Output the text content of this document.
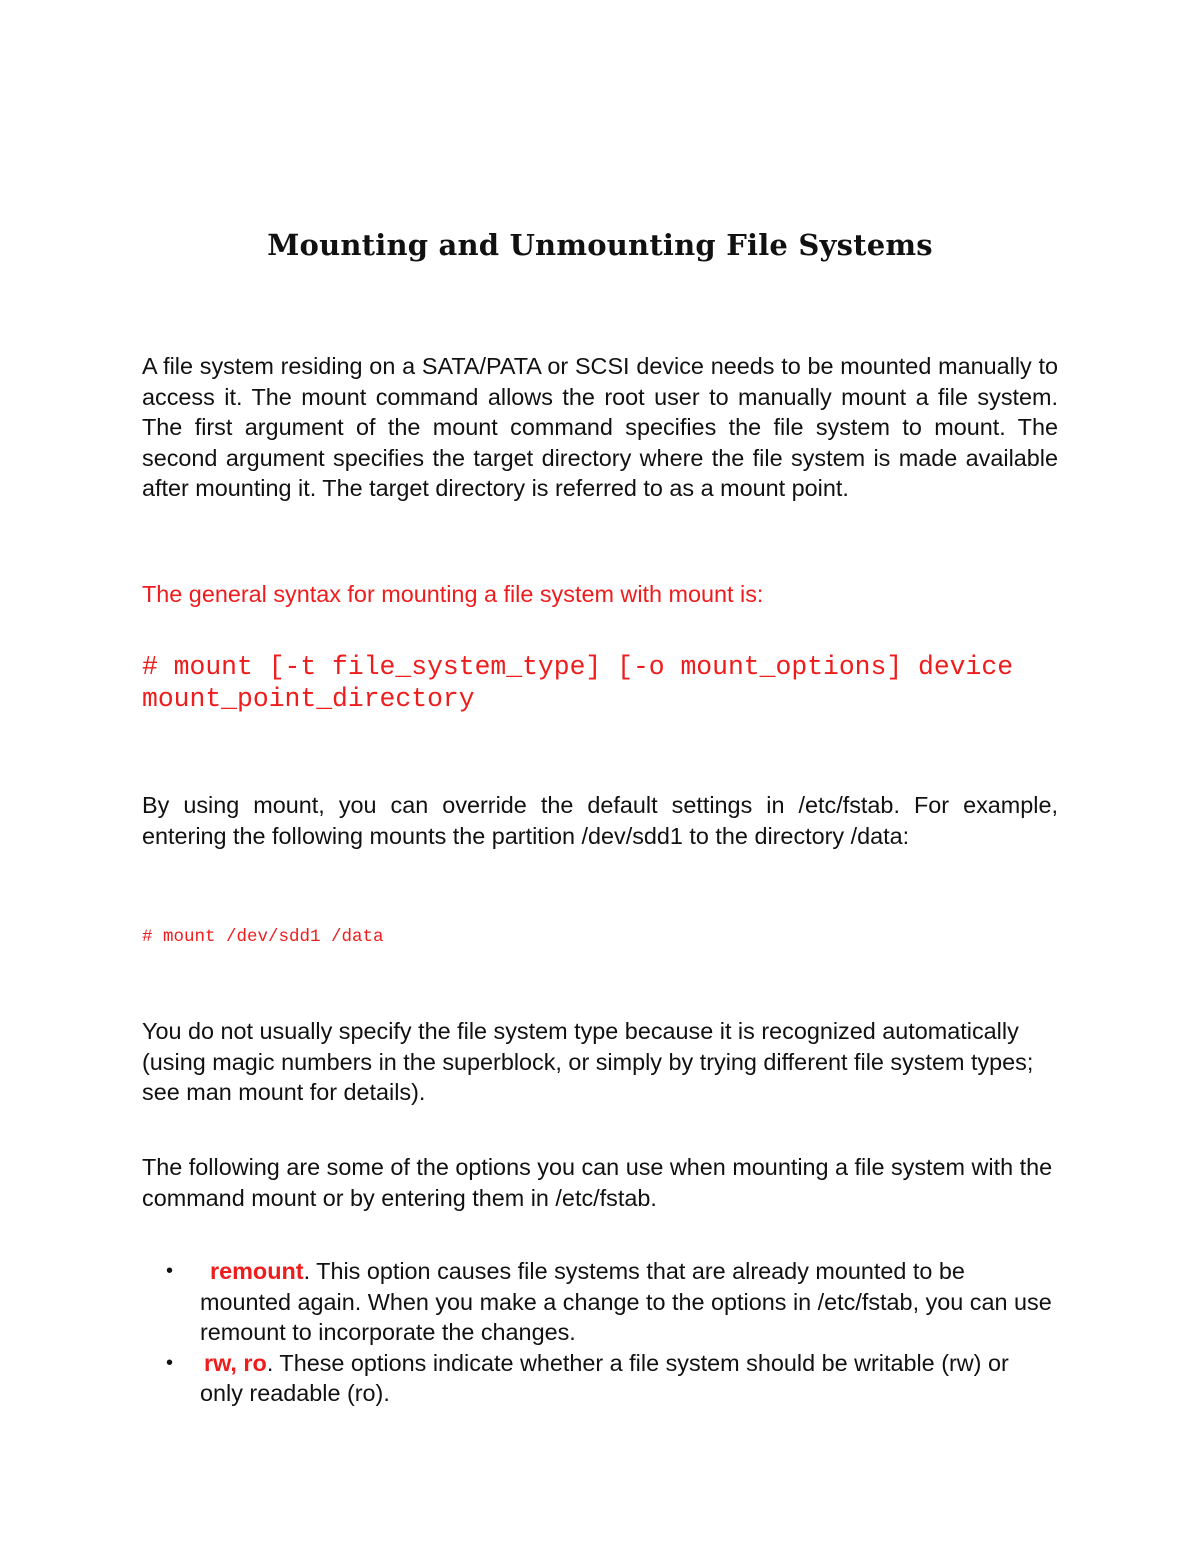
Mounting and Unmounting File Systems

A file system residing on a SATA/PATA or SCSI device needs to be mounted manually to access it. The mount command allows the root user to manually mount a file system. The first argument of the mount command specifies the file system to mount. The second argument specifies the target directory where the file system is made available after mounting it. The target directory is referred to as a mount point.

The general syntax for mounting a file system with mount is:

# mount [-t file_system_type] [-o mount_options] device
mount_point_directory

By using mount, you can override the default settings in /etc/fstab. For example, entering the following mounts the partition /dev/sdd1 to the directory /data:

# mount /dev/sdd1 /data

You do not usually specify the file system type because it is recognized automatically (using magic numbers in the superblock, or simply by trying different file system types; see man mount for details).

The following are some of the options you can use when mounting a file system with the command mount or by entering them in /etc/fstab.

• remount. This option causes file systems that are already mounted to be mounted again. When you make a change to the options in /etc/fstab, you can use remount to incorporate the changes.
• rw, ro. These options indicate whether a file system should be writable (rw) or only readable (ro).
